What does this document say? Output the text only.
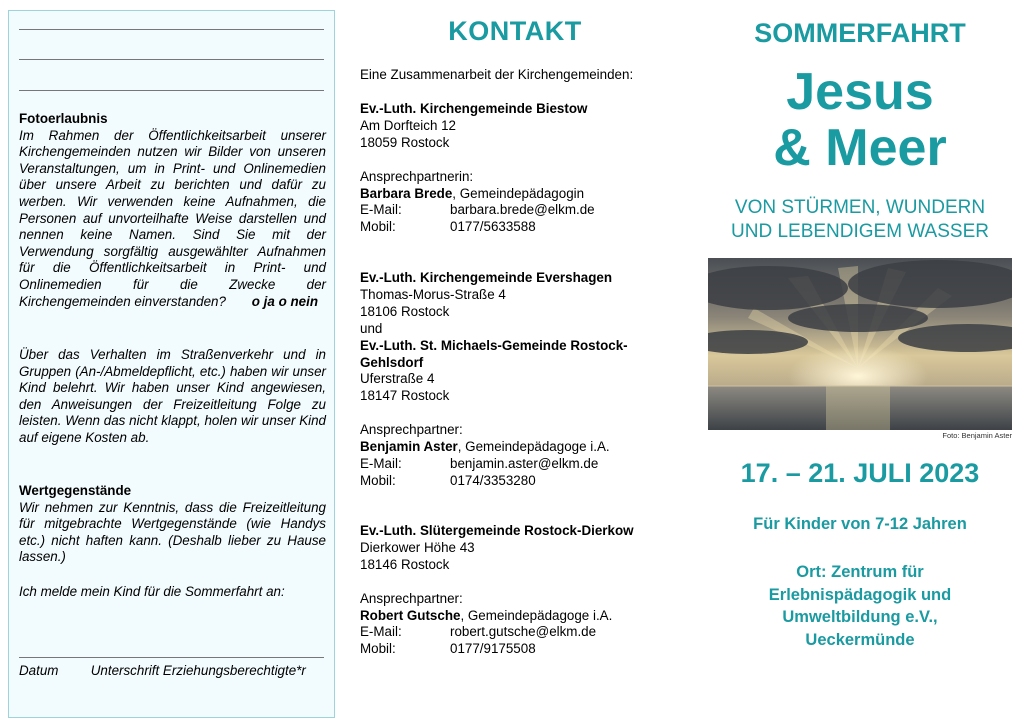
Fotoerlaubnis
Im Rahmen der Öffentlichkeitsarbeit unserer Kirchengemeinden nutzen wir Bilder von unseren Veranstaltungen, um in Print- und Onlinemedien über unsere Arbeit zu berichten und dafür zu werben. Wir verwenden keine Aufnahmen, die Personen auf unvorteilhafte Weise darstellen und nennen keine Namen. Sind Sie mit der Verwendung sorgfältig ausgewählter Aufnahmen für die Öffentlichkeitsarbeit in Print- und Onlinemedien für die Zwecke der Kirchengemeinden einverstanden? o ja o nein
Über das Verhalten im Straßenverkehr und in Gruppen (An-/Abmeldepflicht, etc.) haben wir unser Kind belehrt. Wir haben unser Kind angewiesen, den Anweisungen der Freizeitleitung Folge zu leisten. Wenn das nicht klappt, holen wir unser Kind auf eigene Kosten ab.
Wertgegenstände
Wir nehmen zur Kenntnis, dass die Freizeitleitung für mitgebrachte Wertgegenstände (wie Handys etc.) nicht haften kann. (Deshalb lieber zu Hause lassen.)
Ich melde mein Kind für die Sommerfahrt an:
Datum Unterschrift Erziehungsberechtigte*r
KONTAKT
Eine Zusammenarbeit der Kirchengemeinden:
Ev.-Luth. Kirchengemeinde Biestow
Am Dorfteich 12
18059 Rostock

Ansprechpartnerin:
Barbara Brede, Gemeindepädagogin
E-Mail:	barbara.brede@elkm.de
Mobil:	0177/5633588
Ev.-Luth. Kirchengemeinde Evershagen
Thomas-Morus-Straße 4
18106 Rostock
und
Ev.-Luth. St. Michaels-Gemeinde Rostock-Gehlsdorf
Uferstraße 4
18147 Rostock

Ansprechpartner:
Benjamin Aster, Gemeindepädagoge i.A.
E-Mail:	benjamin.aster@elkm.de
Mobil:	0174/3353280
Ev.-Luth. Slütergemeinde Rostock-Dierkow
Dierkower Höhe 43
18146 Rostock

Ansprechpartner:
Robert Gutsche, Gemeindepädagoge i.A.
E-Mail:	robert.gutsche@elkm.de
Mobil:	0177/9175508
SOMMERFAHRT
Jesus
& Meer
VON STÜRMEN, WUNDERN
UND LEBENDIGEM WASSER
Foto: Benjamin Aster
17. – 21. JULI 2023
Für Kinder von 7-12 Jahren
Ort: Zentrum für
Erlebnispädagogik und
Umweltbildung e.V.,
Ueckermünde
